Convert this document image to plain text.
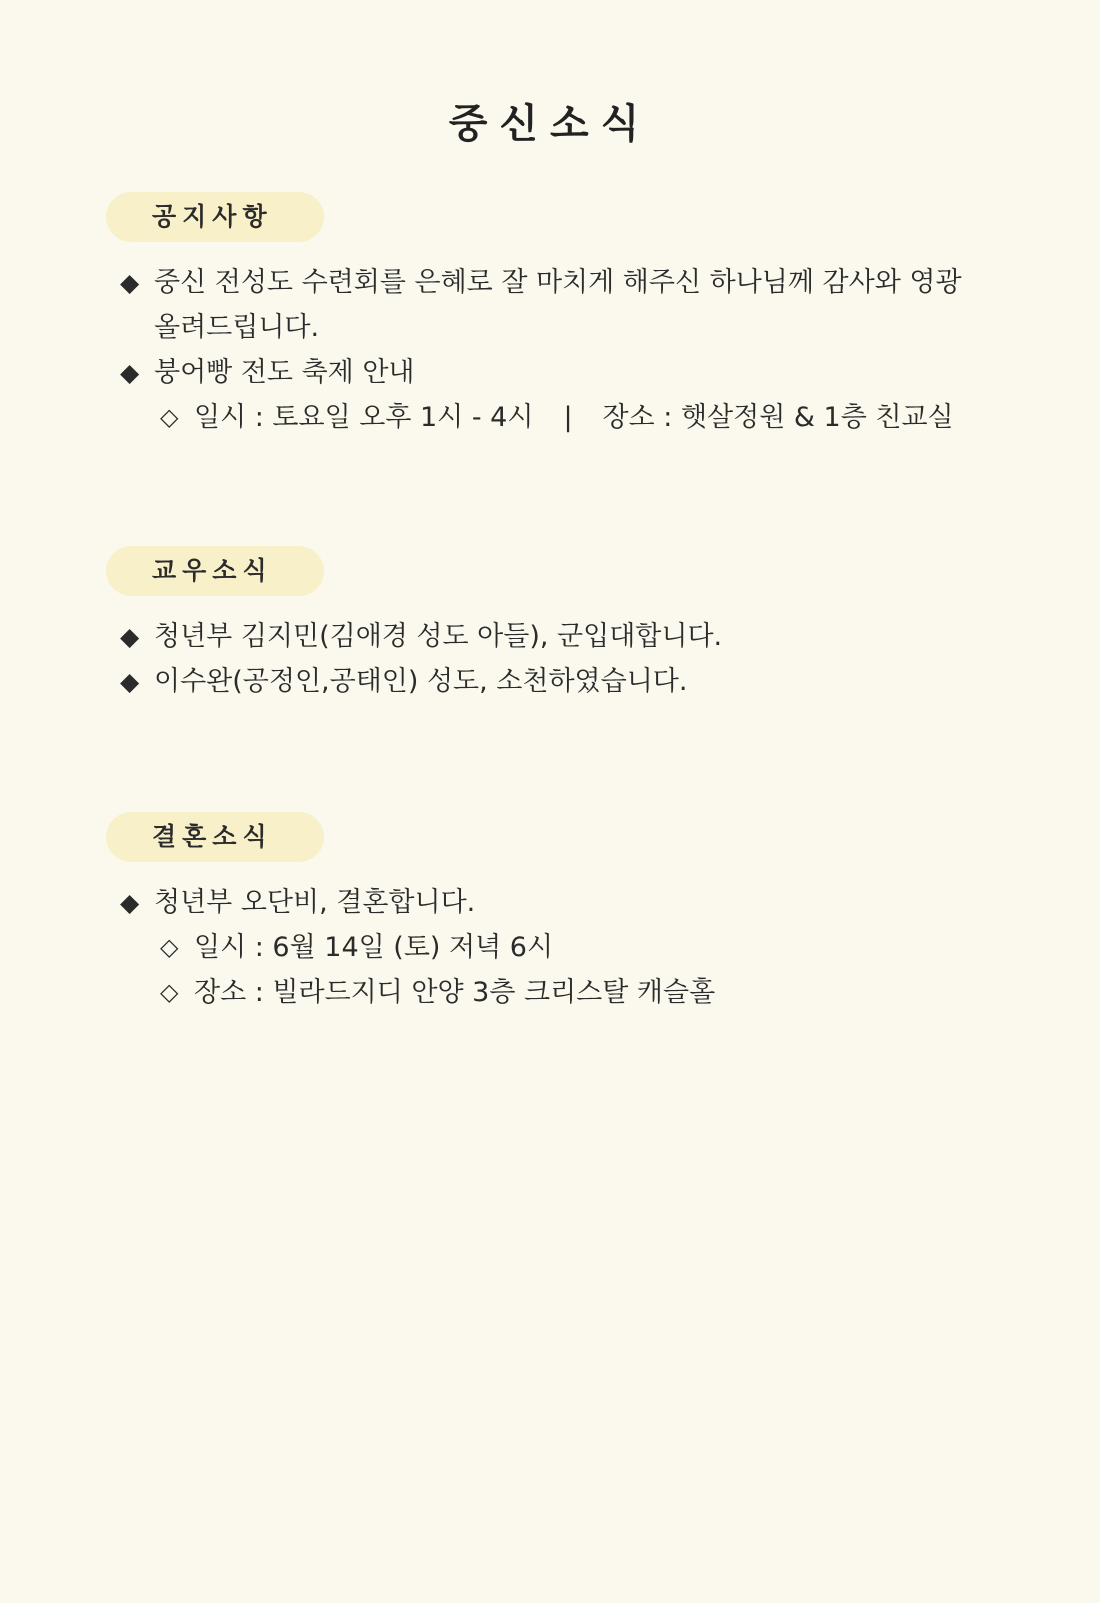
중신소식
공지사항
◆ 중신 전성도 수련회를 은혜로 잘 마치게 해주신 하나님께 감사와 영광 올려드립니다.
◆ 붕어빵 전도 축제 안내
◇ 일시 : 토요일 오후 1시 - 4시 | 장소 : 햇살정원 & 1층 친교실
교우소식
◆ 청년부 김지민(김애경 성도 아들), 군입대합니다.
◆ 이수완(공정인,공태인) 성도, 소천하였습니다.
결혼소식
◆ 청년부 오단비, 결혼합니다.
◇ 일시 : 6월 14일 (토) 저녁 6시
◇ 장소 : 빌라드지디 안양 3층 크리스탈 캐슬홀
